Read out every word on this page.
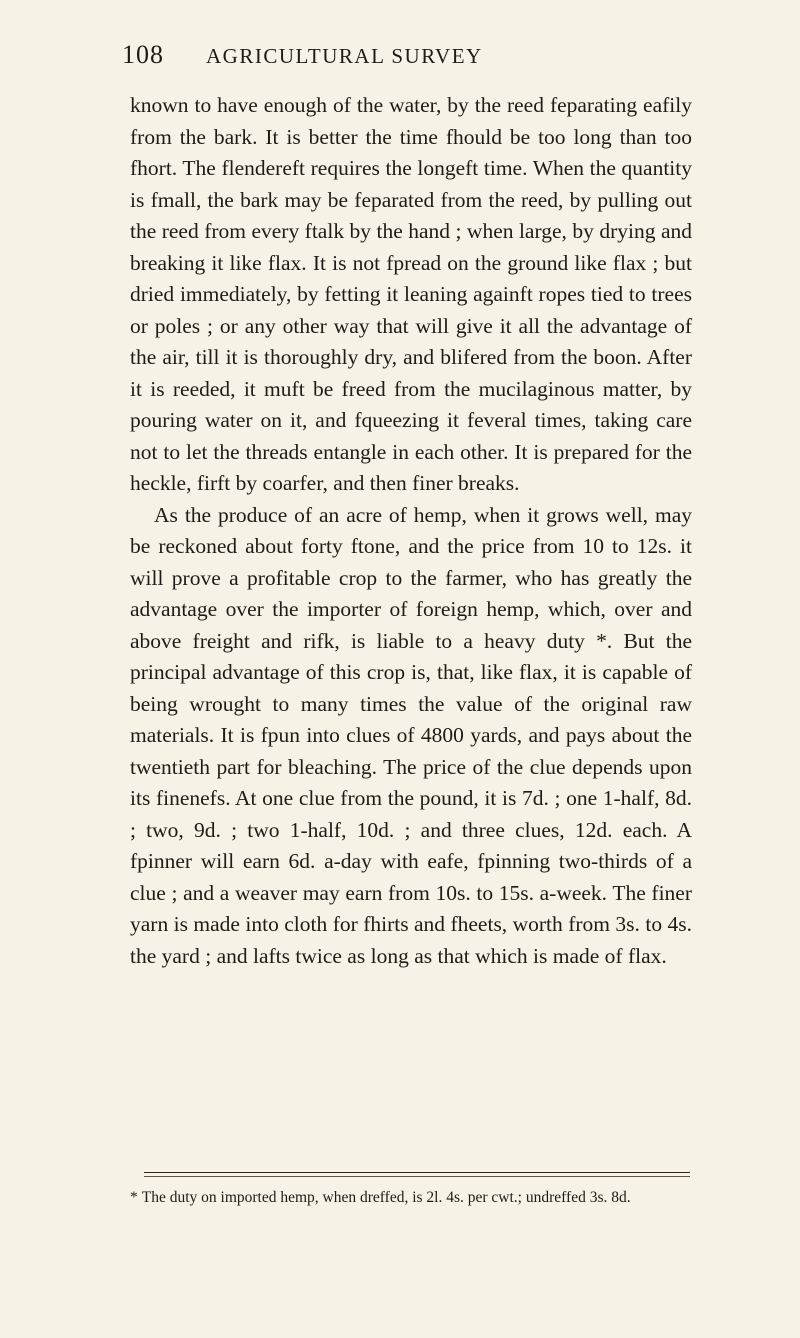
108 AGRICULTURAL SURVEY

known to have enough of the water, by the reed feparating eafily from the bark. It is better the time fhould be too long than too fhort. The flendereft requires the longeft time. When the quantity is fmall, the bark may be feparated from the reed, by pulling out the reed from every ftalk by the hand ; when large, by drying and breaking it like flax. It is not fpread on the ground like flax ; but dried immediately, by fetting it leaning againft ropes tied to trees or poles ; or any other way that will give it all the advantage of the air, till it is thoroughly dry, and blifered from the boon. After it is reeded, it muft be freed from the mucilaginous matter, by pouring water on it, and fqueezing it feveral times, taking care not to let the threads entangle in each other. It is prepared for the heckle, firft by coarfer, and then finer breaks.

As the produce of an acre of hemp, when it grows well, may be reckoned about forty ftone, and the price from 10 to 12s. it will prove a profitable crop to the farmer, who has greatly the advantage over the importer of foreign hemp, which, over and above freight and rifk, is liable to a heavy duty *. But the principal advantage of this crop is, that, like flax, it is capable of being wrought to many times the value of the original raw materials. It is fpun into clues of 4800 yards, and pays about the twentieth part for bleaching. The price of the clue depends upon its finenefs. At one clue from the pound, it is 7d. ; one 1-half, 8d. ; two, 9d. ; two 1-half, 10d. ; and three clues, 12d. each. A fpinner will earn 6d. a-day with eafe, fpinning two-thirds of a clue ; and a weaver may earn from 10s. to 15s. a-week. The finer yarn is made into cloth for fhirts and fheets, worth from 3s. to 4s. the yard ; and lafts twice as long as that which is made of flax.

* The duty on imported hemp, when dreffed, is 2l. 4s. per cwt.; undreffed 3s. 8d.
